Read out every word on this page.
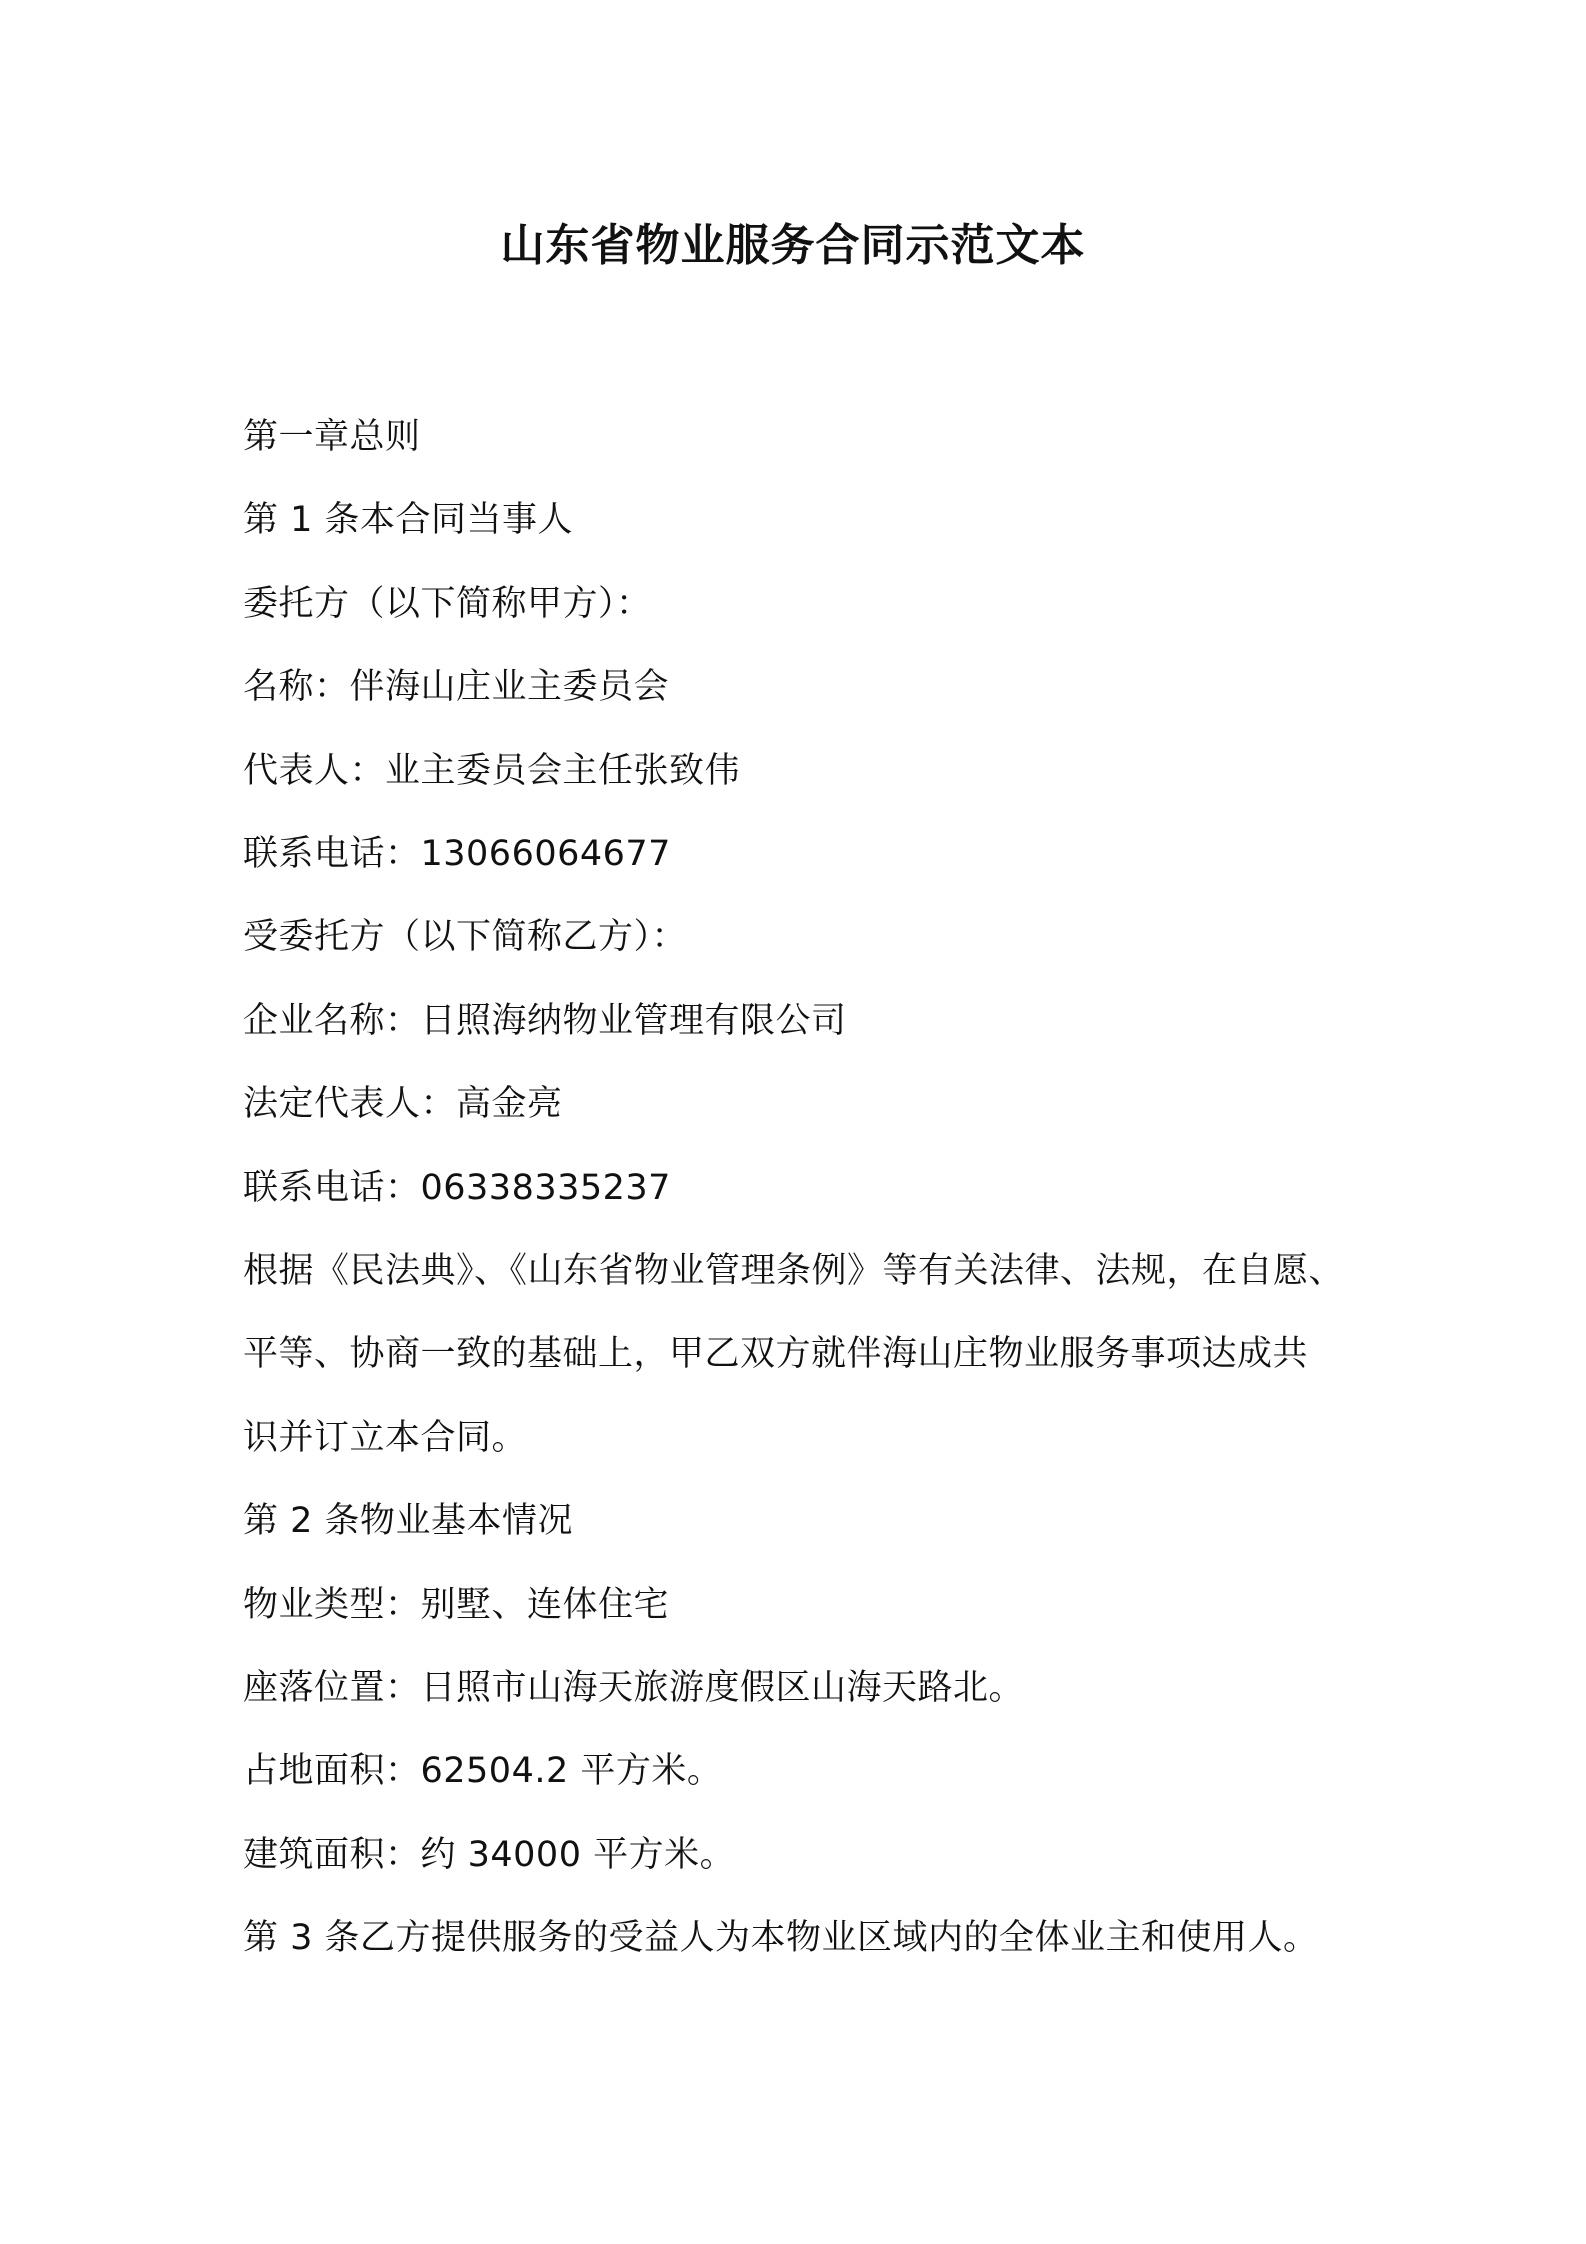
山东省物业服务合同示范文本
第一章总则
第 1 条本合同当事人
委托方（以下简称甲方）：
名称：伴海山庄业主委员会
代表人：业主委员会主任张致伟
联系电话：13066064677
受委托方（以下简称乙方）：
企业名称：日照海纳物业管理有限公司
法定代表人：高金亮
联系电话：06338335237
根据《民法典》、《山东省物业管理条例》等有关法律、法规，在自愿、
平等、协商一致的基础上，甲乙双方就伴海山庄物业服务事项达成共
识并订立本合同。
第 2 条物业基本情况
物业类型：别墅、连体住宅
座落位置：日照市山海天旅游度假区山海天路北。
占地面积：62504.2 平方米。
建筑面积：约 34000 平方米。
第 3 条乙方提供服务的受益人为本物业区域内的全体业主和使用人。
